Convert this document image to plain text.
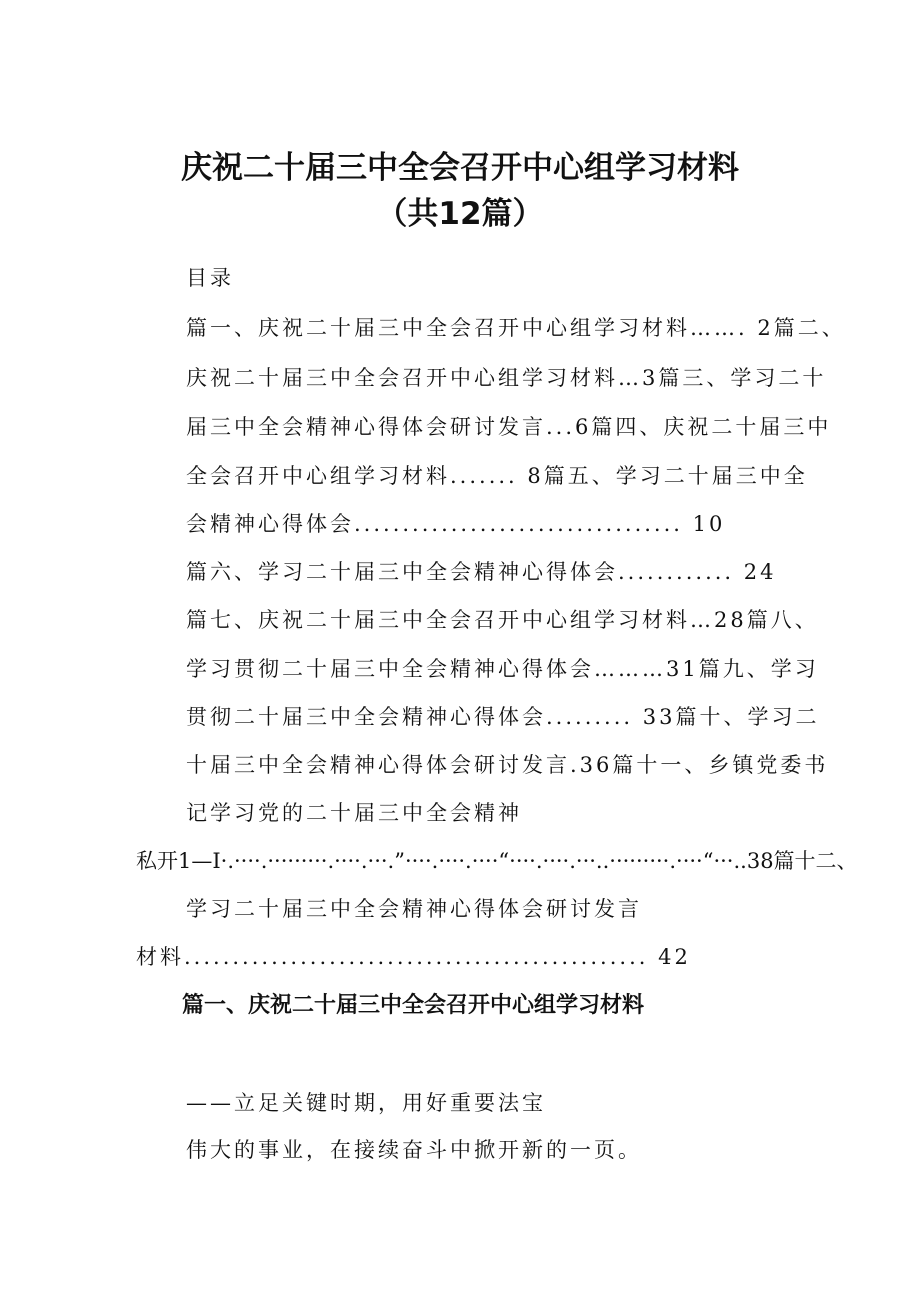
庆祝二十届三中全会召开中心组学习材料
（共12篇）
目录
篇一、庆祝二十届三中全会召开中心组学习材料……. 2篇二、
庆祝二十届三中全会召开中心组学习材料…3篇三、学习二十
届三中全会精神心得体会研讨发言...6篇四、庆祝二十届三中
全会召开中心组学习材料....... 8篇五、学习二十届三中全
会精神心得体会.................................. 10
篇六、学习二十届三中全会精神心得体会............ 24
篇七、庆祝二十届三中全会召开中心组学习材料…28篇八、
学习贯彻二十届三中全会精神心得体会………31篇九、学习
贯彻二十届三中全会精神心得体会......... 33篇十、学习二
十届三中全会精神心得体会研讨发言.36篇十一、乡镇党委书
记学习党的二十届三中全会精神
私开1—I·.····.·········.····.···.”····.····.····“····.····.···..·········.····“···..38篇十二、
学习二十届三中全会精神心得体会研讨发言
材料................................................ 42
篇一、庆祝二十届三中全会召开中心组学习材料
——立足关键时期，用好重要法宝
伟大的事业，在接续奋斗中掀开新的一页。
